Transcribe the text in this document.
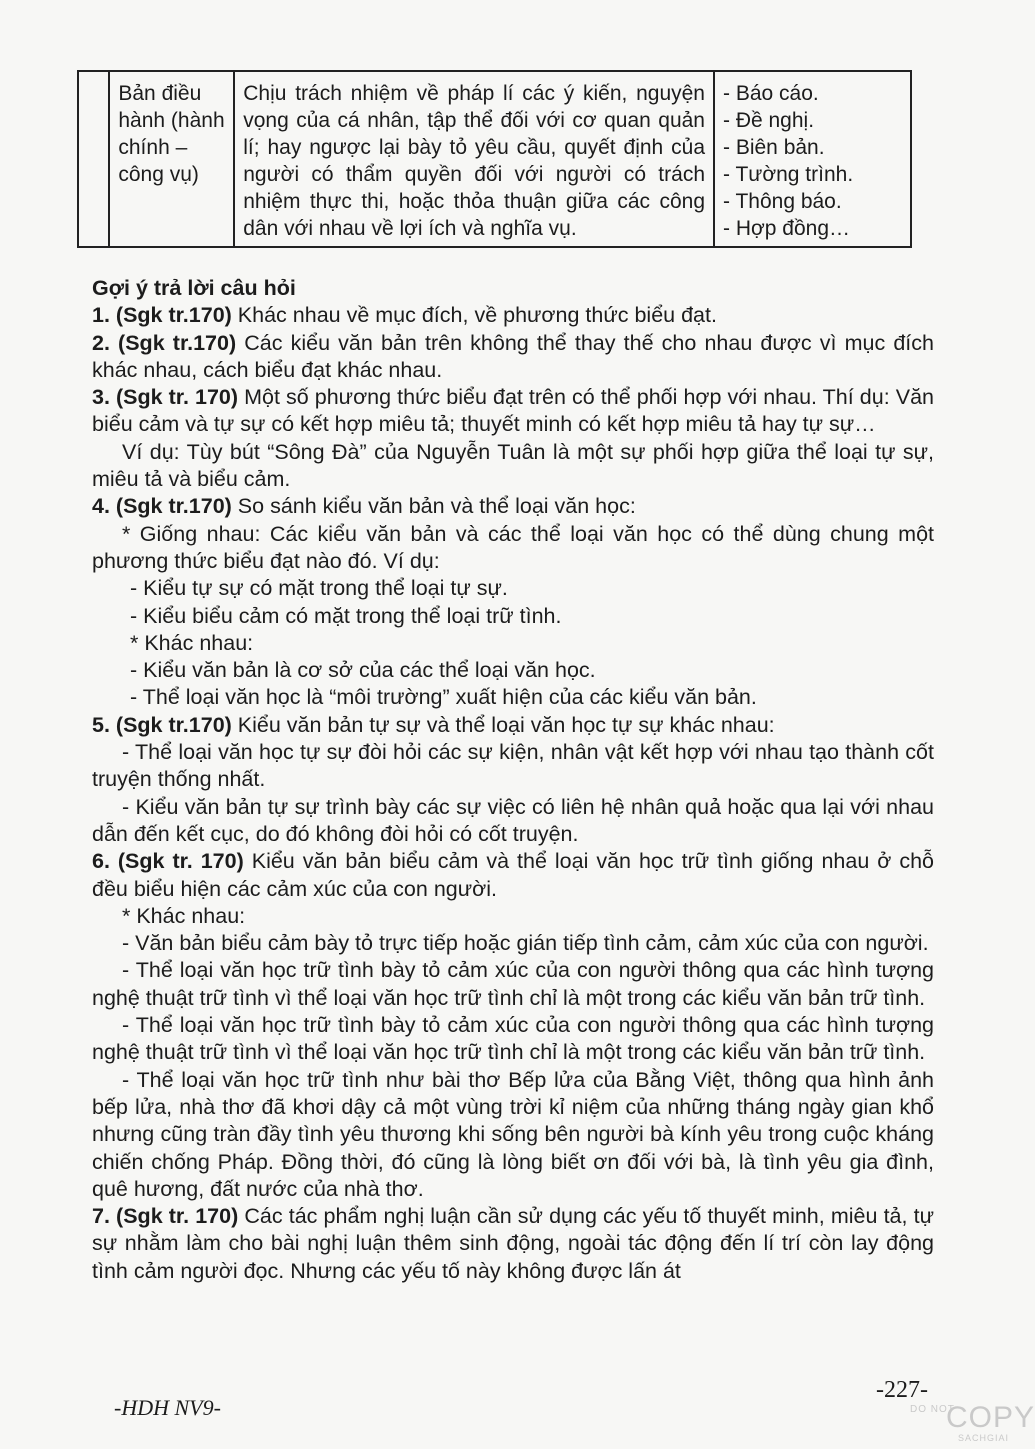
	Bản điều hành (hành chính – công vụ)	Chịu trách nhiệm về pháp lí các ý kiến, nguyện vọng của cá nhân, tập thể đối với cơ quan quản lí; hay ngược lại bày tỏ yêu cầu, quyết định của người có thẩm quyền đối với người có trách nhiệm thực thi, hoặc thỏa thuận giữa các công dân với nhau về lợi ích và nghĩa vụ.	
- Báo cáo.
- Đề nghị.
- Biên bản.
- Tường trình.
- Thông báo.
- Hợp đồng…

Gợi ý trả lời câu hỏi

1. (Sgk tr.170) Khác nhau về mục đích, về phương thức biểu đạt.

2. (Sgk tr.170) Các kiểu văn bản trên không thể thay thế cho nhau được vì mục đích khác nhau, cách biểu đạt khác nhau.

3. (Sgk tr. 170) Một số phương thức biểu đạt trên có thể phối hợp với nhau. Thí dụ: Văn biểu cảm và tự sự có kết hợp miêu tả; thuyết minh có kết hợp miêu tả hay tự sự…

Ví dụ: Tùy bút “Sông Đà” của Nguyễn Tuân là một sự phối hợp giữa thể loại tự sự, miêu tả và biểu cảm.

4. (Sgk tr.170) So sánh kiểu văn bản và thể loại văn học:

* Giống nhau: Các kiểu văn bản và các thể loại văn học có thể dùng chung một phương thức biểu đạt nào đó. Ví dụ:

- Kiểu tự sự có mặt trong thể loại tự sự.

- Kiểu biểu cảm có mặt trong thể loại trữ tình.

* Khác nhau:

- Kiểu văn bản là cơ sở của các thể loại văn học.

- Thể loại văn học là “môi trường” xuất hiện của các kiểu văn bản.

5. (Sgk tr.170) Kiểu văn bản tự sự và thể loại văn học tự sự khác nhau:

- Thể loại văn học tự sự đòi hỏi các sự kiện, nhân vật kết hợp với nhau tạo thành cốt truyện thống nhất.

- Kiểu văn bản tự sự trình bày các sự việc có liên hệ nhân quả hoặc qua lại với nhau dẫn đến kết cục, do đó không đòi hỏi có cốt truyện.

6. (Sgk tr. 170) Kiểu văn bản biểu cảm và thể loại văn học trữ tình giống nhau ở chỗ đều biểu hiện các cảm xúc của con người.

* Khác nhau:

- Văn bản biểu cảm bày tỏ trực tiếp hoặc gián tiếp tình cảm, cảm xúc của con người.

- Thể loại văn học trữ tình bày tỏ cảm xúc của con người thông qua các hình tượng nghệ thuật trữ tình vì thể loại văn học trữ tình chỉ là một trong các kiểu văn bản trữ tình.

- Thể loại văn học trữ tình bày tỏ cảm xúc của con người thông qua các hình tượng nghệ thuật trữ tình vì thể loại văn học trữ tình chỉ là một trong các kiểu văn bản trữ tình.

- Thể loại văn học trữ tình như bài thơ Bếp lửa của Bằng Việt, thông qua hình ảnh bếp lửa, nhà thơ đã khơi dậy cả một vùng trời kỉ niệm của những tháng ngày gian khổ nhưng cũng tràn đầy tình yêu thương khi sống bên người bà kính yêu trong cuộc kháng chiến chống Pháp. Đồng thời, đó cũng là lòng biết ơn đối với bà, là tình yêu gia đình, quê hương, đất nước của nhà thơ.

7. (Sgk tr. 170) Các tác phẩm nghị luận cần sử dụng các yếu tố thuyết minh, miêu tả, tự sự nhằm làm cho bài nghị luận thêm sinh động, ngoài tác động đến lí trí còn lay động tình cảm người đọc. Nhưng các yếu tố này không được lấn át

-HDH NV9-
-227-
DO NOT
COPY
SACHGIAI
